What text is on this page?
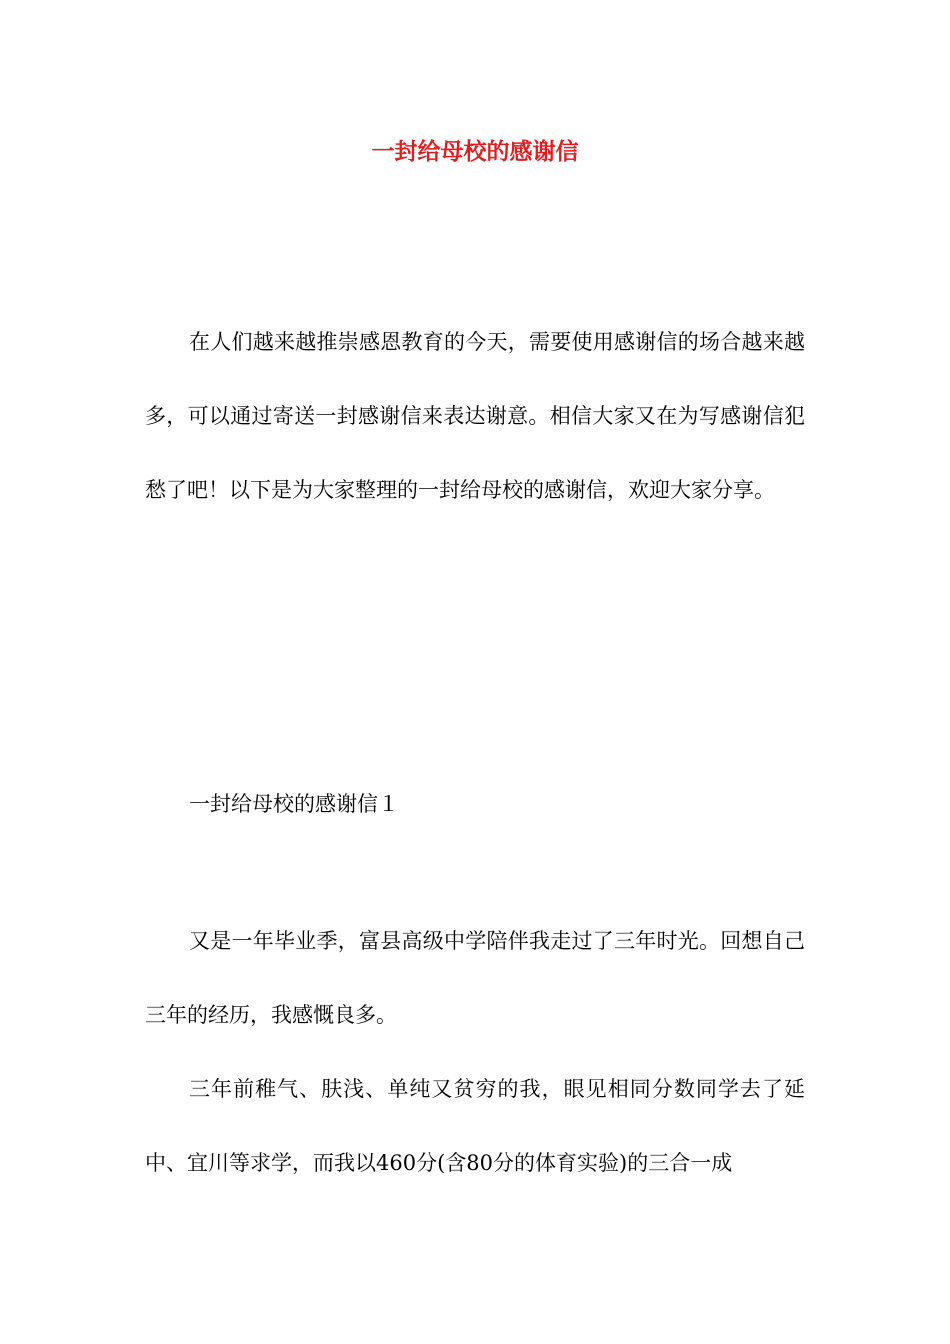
一封给母校的感谢信

在人们越来越推崇感恩教育的今天，需要使用感谢信的场合越来越多，可以通过寄送一封感谢信来表达谢意。相信大家又在为写感谢信犯愁了吧！以下是为大家整理的一封给母校的感谢信，欢迎大家分享。

一封给母校的感谢信１

又是一年毕业季，富县高级中学陪伴我走过了三年时光。回想自己三年的经历，我感慨良多。

三年前稚气、肤浅、单纯又贫穷的我，眼见相同分数同学去了延中、宜川等求学，而我以460分(含80分的体育实验)的三合一成
